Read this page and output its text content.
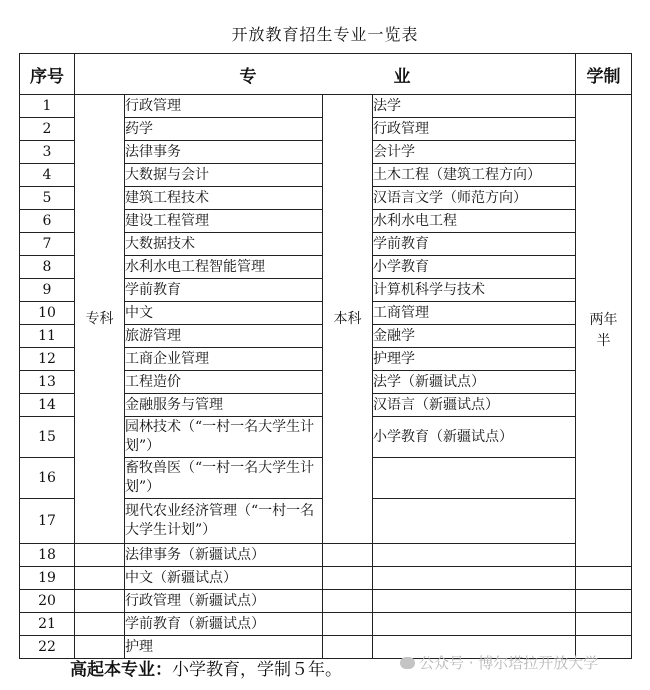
开放教育招生专业一览表
序号	专　业				学制
1	专科	行政管理	本科	法学	两年半
2		药学		行政管理	
3		法律事务		会计学	
4		大数据与会计		土木工程（建筑工程方向）	
5		建筑工程技术		汉语言文学（师范方向）	
6		建设工程管理		水利水电工程	
7		大数据技术		学前教育	
8		水利水电工程智能管理		小学教育	
9		学前教育		计算机科学与技术	
10		中文		工商管理	
11		旅游管理		金融学	
12		工商企业管理		护理学	
13		工程造价		法学（新疆试点）	
14		金融服务与管理		汉语言（新疆试点）	
15		园林技术（“一村一名大学生计划”）		小学教育（新疆试点）	
16		畜牧兽医（“一村一名大学生计划”）			
17		现代农业经济管理（“一村一名大学生计划”）			
18		法律事务（新疆试点）			
19		中文（新疆试点）			
20		行政管理（新疆试点）			
21		学前教育（新疆试点）			
22		护理			
高起本专业：小学教育，学制５年。	公众号 · 博尔塔拉开放大学
